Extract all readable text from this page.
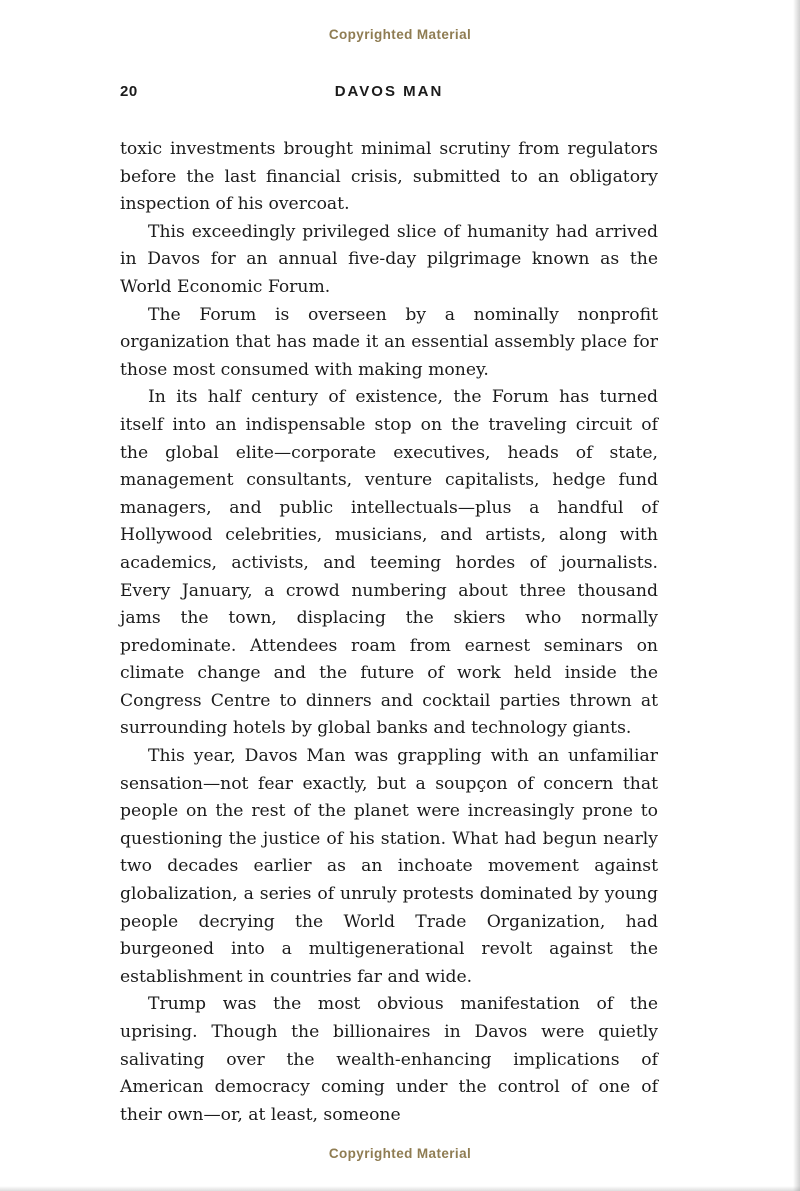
Copyrighted Material
20	DAVOS MAN

toxic investments brought minimal scrutiny from regulators before the last financial crisis, submitted to an obligatory inspection of his overcoat.

This exceedingly privileged slice of humanity had arrived in Davos for an annual five-day pilgrimage known as the World Economic Forum.

The Forum is overseen by a nominally nonprofit organization that has made it an essential assembly place for those most consumed with making money.

In its half century of existence, the Forum has turned itself into an indispensable stop on the traveling circuit of the global elite—corporate executives, heads of state, management consultants, venture capitalists, hedge fund managers, and public intellectuals—plus a handful of Hollywood celebrities, musicians, and artists, along with academics, activists, and teeming hordes of journalists. Every January, a crowd numbering about three thousand jams the town, displacing the skiers who normally predominate. Attendees roam from earnest seminars on climate change and the future of work held inside the Congress Centre to dinners and cocktail parties thrown at surrounding hotels by global banks and technology giants.

This year, Davos Man was grappling with an unfamiliar sensation—not fear exactly, but a soupçon of concern that people on the rest of the planet were increasingly prone to questioning the justice of his station. What had begun nearly two decades earlier as an inchoate movement against globalization, a series of unruly protests dominated by young people decrying the World Trade Organization, had burgeoned into a multigenerational revolt against the establishment in countries far and wide.

Trump was the most obvious manifestation of the uprising. Though the billionaires in Davos were quietly salivating over the wealth-enhancing implications of American democracy coming under the control of one of their own—or, at least, someone

Copyrighted Material
